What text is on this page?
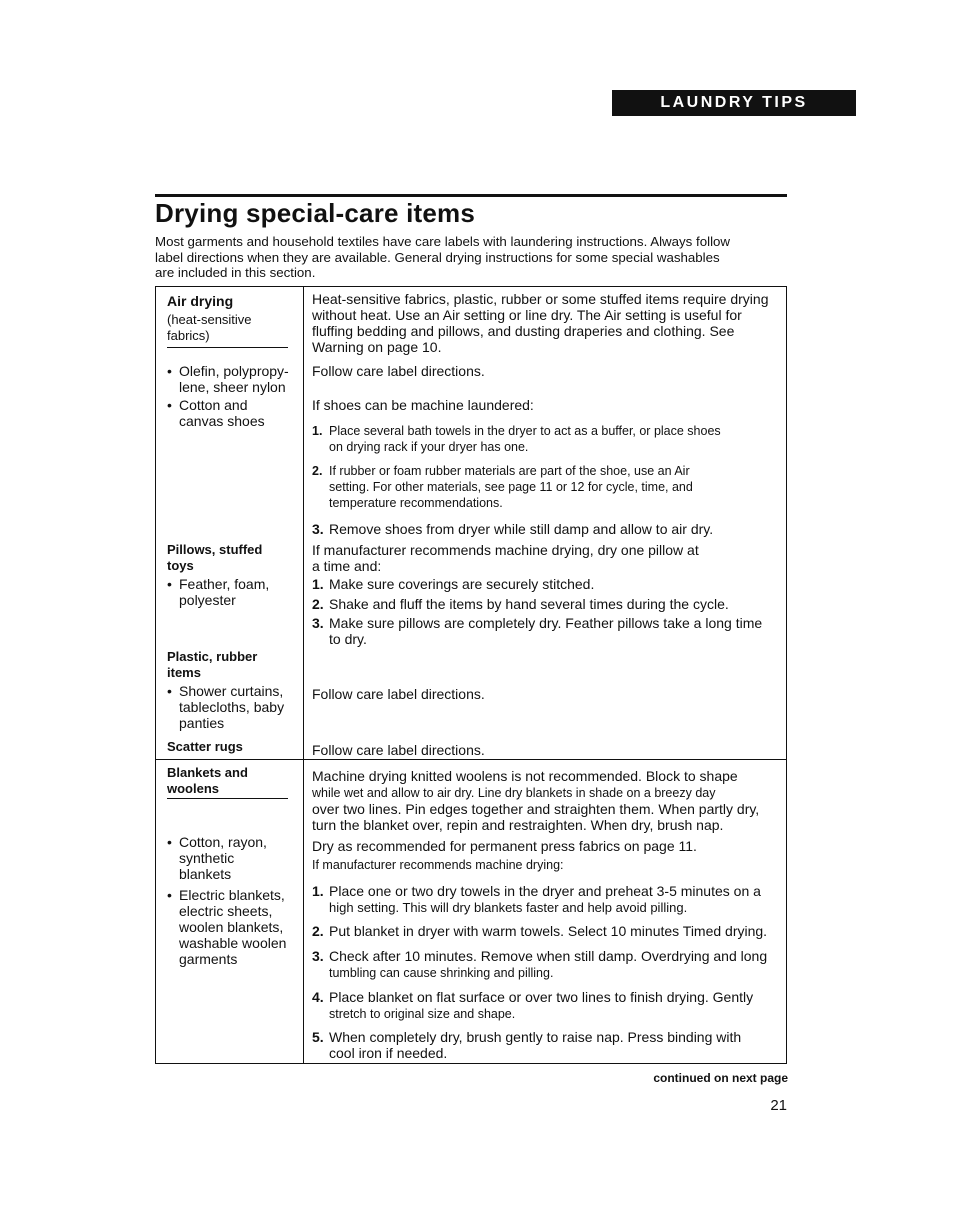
LAUNDRY TIPS
Drying special-care items

Most garments and household textiles have care labels with laundering instructions. Always follow
label directions when they are available. General drying instructions for some special washables
are included in this section.

Air drying

(heat-sensitive
fabrics)

• Olefin, polypropy-
lene, sheer nylon

• Cotton and
canvas shoes

Pillows, stuffed
toys

• Feather, foam,
polyester

Plastic, rubber
items

• Shower curtains,
tablecloths, baby
panties

Scatter rugs

Blankets and
woolens

• Cotton, rayon,
synthetic
blankets

• Electric blankets,
electric sheets,
woolen blankets,
washable woolen
garments

Heat-sensitive fabrics, plastic, rubber or some stuffed items require drying
without heat. Use an Air setting or line dry. The Air setting is useful for
fluffing bedding and pillows, and dusting draperies and clothing. See
Warning on page 10.

Follow care label directions.

If shoes can be machine laundered:

1. Place several bath towels in the dryer to act as a buffer, or place shoes
on drying rack if your dryer has one.

2. If rubber or foam rubber materials are part of the shoe, use an Air
setting. For other materials, see page 11 or 12 for cycle, time, and
temperature recommendations.

3. Remove shoes from dryer while still damp and allow to air dry.

If manufacturer recommends machine drying, dry one pillow at
a time and:

1. Make sure coverings are securely stitched.

2. Shake and fluff the items by hand several times during the cycle.

3. Make sure pillows are completely dry. Feather pillows take a long time
to dry.

Follow care label directions.

Follow care label directions.

Machine drying knitted woolens is not recommended. Block to shape
while wet and allow to air dry. Line dry blankets in shade on a breezy day
over two lines. Pin edges together and straighten them. When partly dry,
turn the blanket over, repin and restraighten. When dry, brush nap.

Dry as recommended for permanent press fabrics on page 11.

If manufacturer recommends machine drying:

1. Place one or two dry towels in the dryer and preheat 3-5 minutes on a
high setting. This will dry blankets faster and help avoid pilling.

2. Put blanket in dryer with warm towels. Select 10 minutes Timed drying.

3. Check after 10 minutes. Remove when still damp. Overdrying and long
tumbling can cause shrinking and pilling.

4. Place blanket on flat surface or over two lines to finish drying. Gently
stretch to original size and shape.

5. When completely dry, brush gently to raise nap. Press binding with
cool iron if needed.

continued on next page

21
